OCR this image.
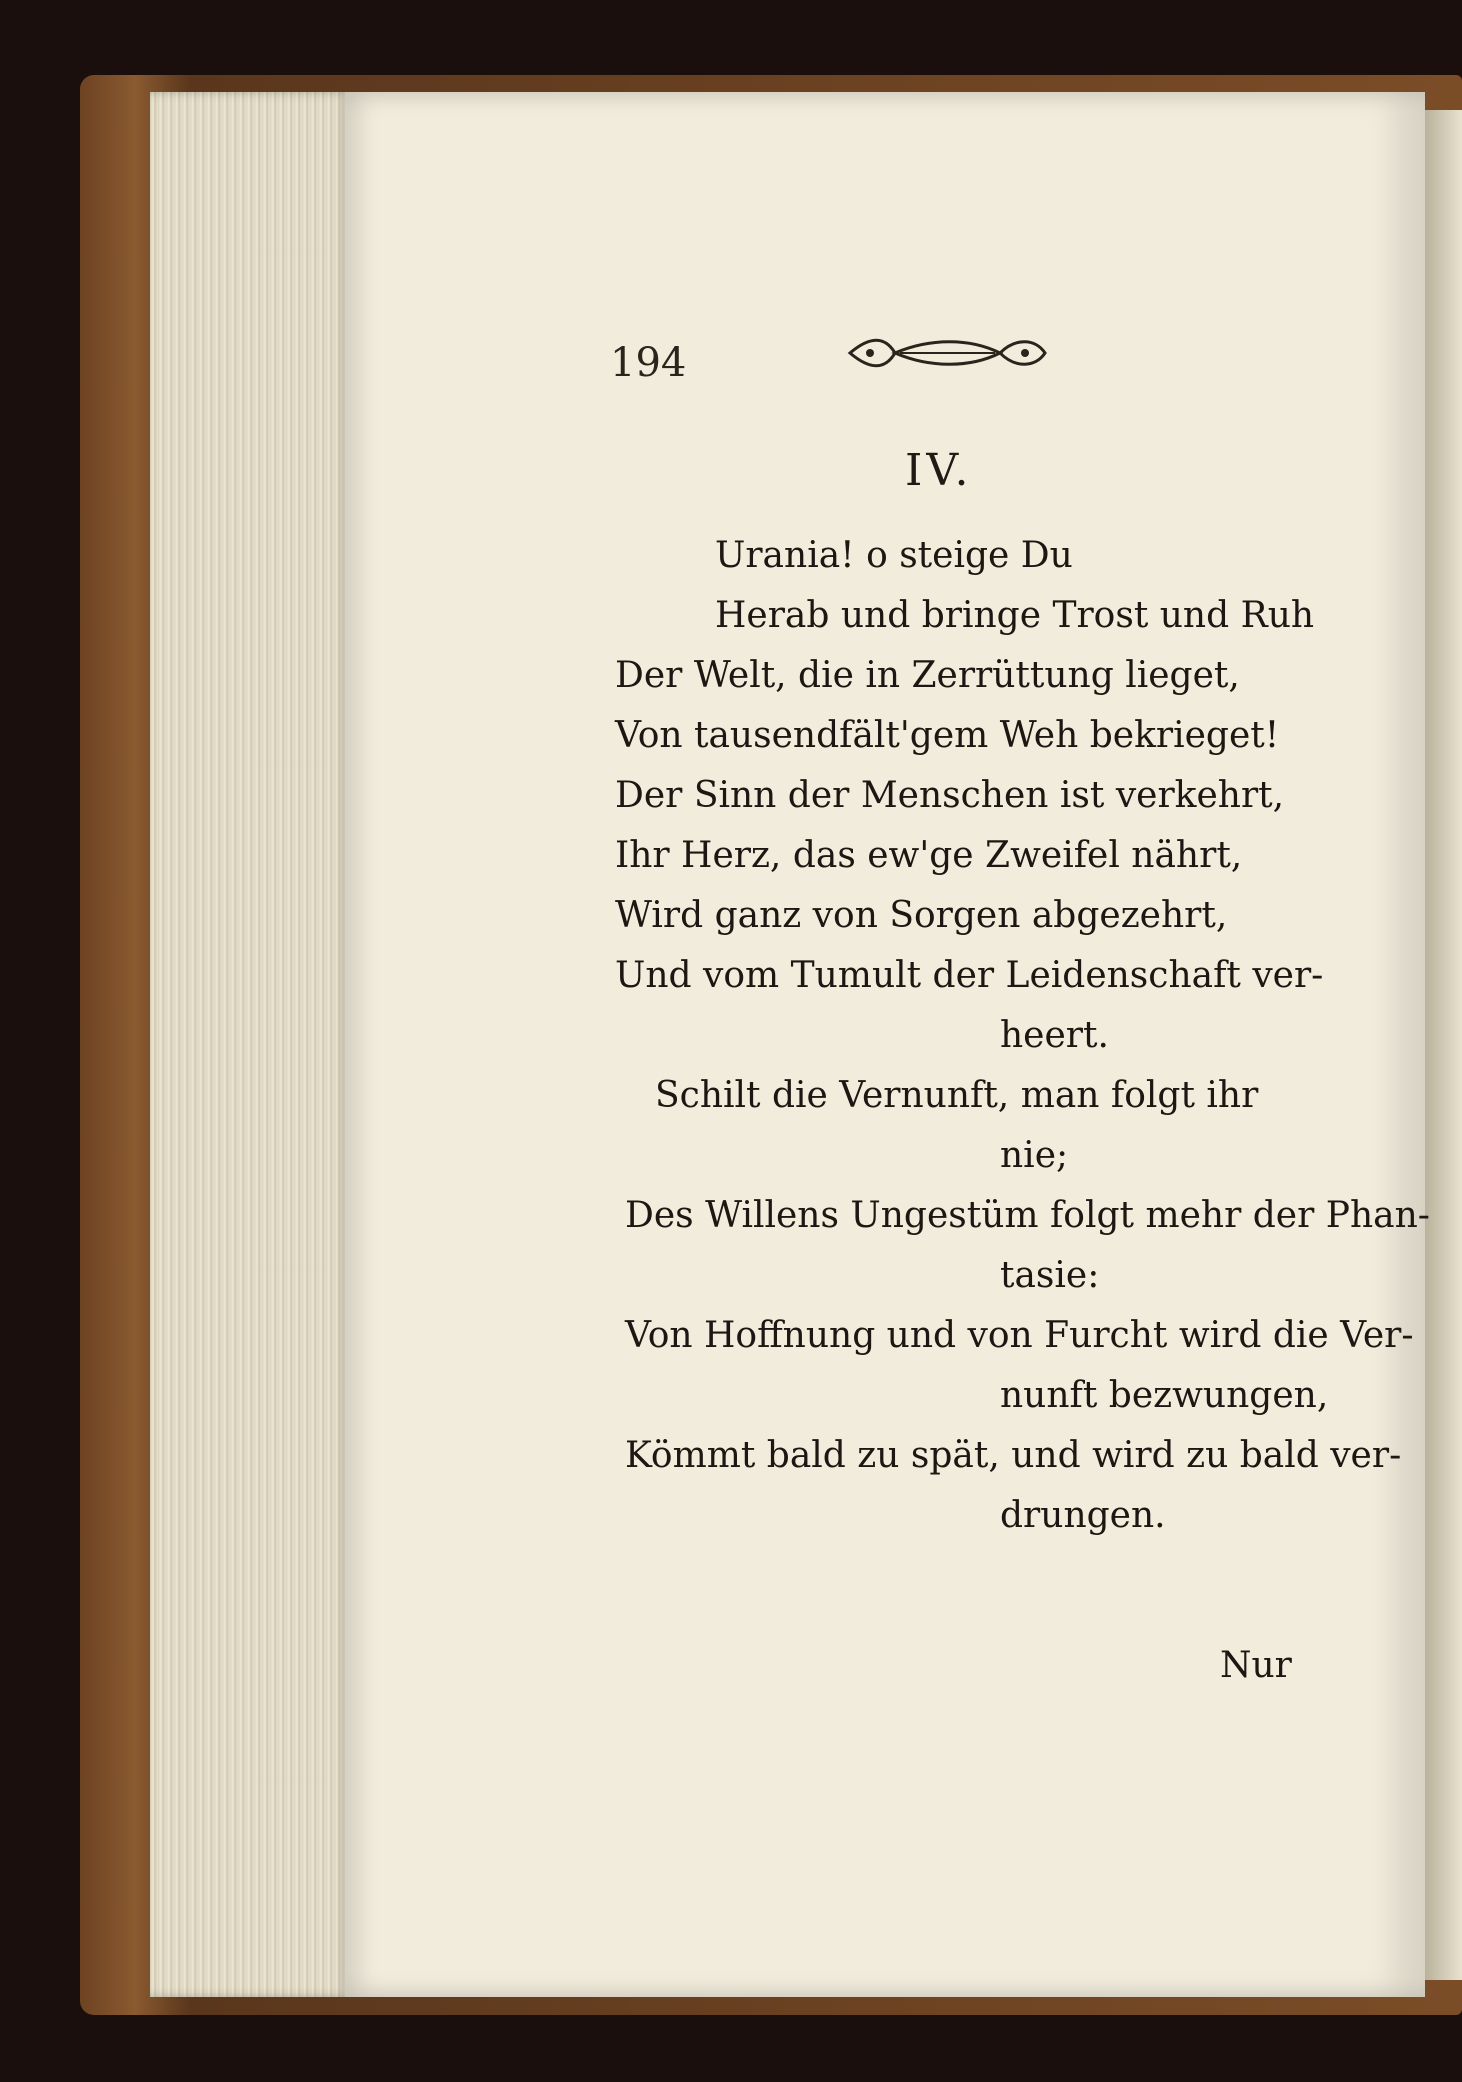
194
IV.
Urania! o steige Du
Herab und bringe Trost und Ruh
Der Welt, die in Zerrüttung lieget,
Von tausendfält'gem Weh bekrieget!
Der Sinn der Menschen ist verkehrt,
Ihr Herz, das ew'ge Zweifel nährt,
Wird ganz von Sorgen abgezehrt,
Und vom Tumult der Leidenschaft ver-
heert.
Schilt die Vernunft, man folgt ihr
nie;
Des Willens Ungestüm folgt mehr der Phan-
tasie:
Von Hoffnung und von Furcht wird die Ver-
nunft bezwungen,
Kömmt bald zu spät, und wird zu bald ver-
drungen.
Nur
